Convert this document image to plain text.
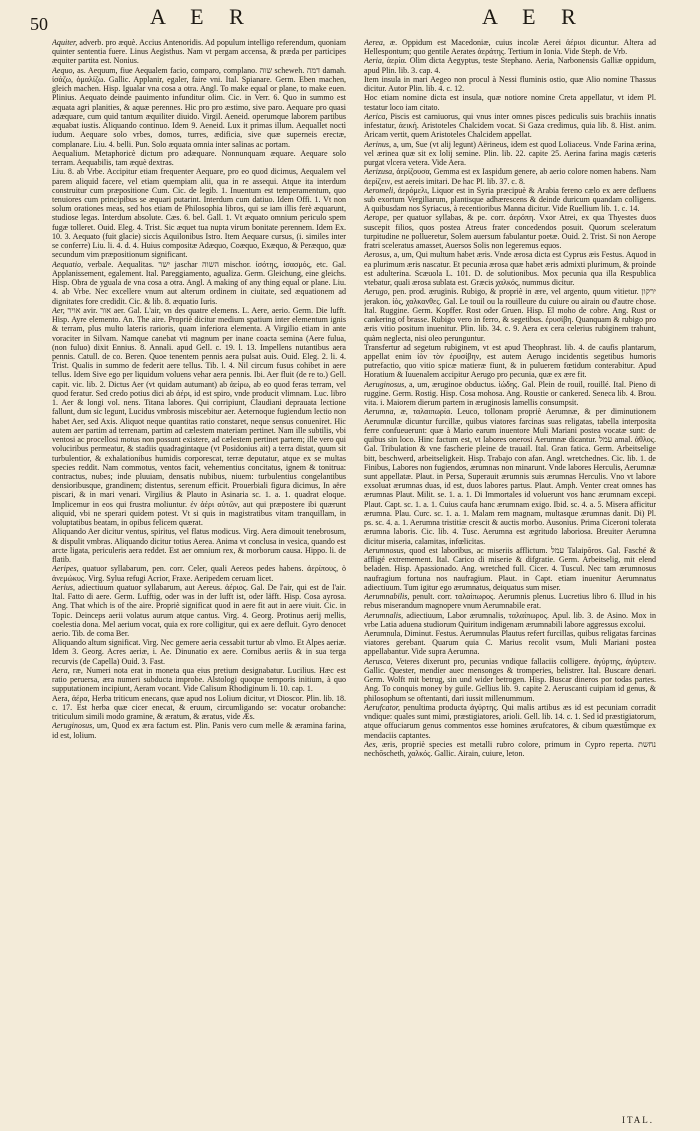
50	A E R	A E R

Aquiter, adverb. pro æquè. Accius Antenoridis. Ad populum intelligo referendum, quoniam quinter sententia fuere. Linus Aegisthus. Nam vt pergam accensa, & præda per participes æquiter partita est. Nonius.

Aequo, as. Aequum, fiue Aequalem facio, comparo, complano. שוה scheweh. דמה damah. ἰσάζω, ὁμαλίζω. Gallic. Applanir, egaler, faire vni. Ital. Spianare. Germ. Eben machen, gleich machen. Hisp. Igualar vna cosa a otra. Angl. To make equal or plane, to make euen. Plinius. Aequato deinde pauimento infunditur olim. Cic. in Verr. 6. Quo in summo est æquata agri planities, & aquæ perennes. Hic pro pro æstimo, sive paro. Aequare pro quasi adæquare, cum quid tantum æquiliter diuido. Virgil. Aeneid. operumque laborem partibus æquabat iustis. Aliquando continuo. Idem 9. Aeneid. Lux it primas illum. Aequallet noctì iudum. Aequare solo vrbes, domos, turres, ædificia, sive quæ superneis erectæ, complanare. Liu. 4. belli. Pun. Solo æquata omnia inter salinas ac portam.

Aequalium. Metaphoricè dictum pro adæquare. Nonnunquam æquare. Aequare solo terram. Aequabilis, tam æquè dextras.

Liu. 8. ab Vrbe. Accipitur etiam frequenter Aequare, pro eo quod dicimus, Aequalem vel parem aliquid facere, vel etiam quempiam alii, qua in re assequi. Atque ita interdum construitur cum præpositione Cum. Cic. de legib. 1. Inuentum est temperamentum, quo tenuiores cum principibus se æquari putarint. Interdum cum datiuo. Idem Offi. 1. Vt non solum orationes meas, sed hos etiam de Philosophia libros, qui se iam illis ferè æquarunt, studiose legas. Interdum absolute. Cæs. 6. bel. Gall. 1. Vt æquato omnium periculo spem fugæ tolleret. Ouid. Eleg. 4. Trist. Sic æquet tua nupta virum bonitate perennem. Idem Ex. 10. 3. Aequato (fuit glacie) siccis Aquilonibus Istro. Item Aequare cursus, (i. similes inter se conferre) Liu. li. 4. d. 4. Huius compositæ Adæquo, Coæquo, Exæquo, & Peræquo, quæ secundum vim præpositionum significant.

Aequatio, verbale. Aequalitas. ישר jaschar השוה mischor. ἰσότης, ἰσασμός, etc. Gal. Applanissement, egalement. Ital. Pareggiamento, agualiza. Germ. Gleichung, eine gleichs. Hisp. Obra de yguala de vna cosa a otra. Angl. A making of any thing equal or plane. Liu. 4. ab Vrbe. Nec excellere vnum aut alterum ordinem in ciuitate, sed æquationem ad dignitates fore credidit. Cic. & lib. 8. æquatio Iuris.

Aer, אויר avir. אור aer. Gal. L'air, vn des quatre elemens. L. Aere, aerio. Germ. Die lufft. Hisp. Ayre elemento. An. The aire. Propriè dicitur medium spatium inter elementum ignis & terram, plus multo lateris rarioris, quam inferiora elementa. A Virgilio etiam in ante voraciter in Silvam. Namque canebat vti magnum per inane coacta semina (Aere fulua, (non fuluo) dixit Ennius. 8. Annali. apud Gell. c. 19. l. 13. Impellens nutantibus aera pennis. Catull. de co. Beren. Quoe tenentem pennis aera pulsat auis. Ouid. Eleg. 2. li. 4. Trist. Qualis in summo de federit aere tellus. Tib. l. 4. Nil circum fusus cohibet in aere tellus. Idem Sive ego per liquidum voluens vehar aera pennis. Ibi. Aer fluit (de re to.) Gell. capit. vic. lib. 2. Dictus Aer (vt quidam autumant) ab ἀείρω, ab eo quod feras terram, vel quod feratur. Sed credo potius dici ab ἀέρι, id est spiro, vnde producit vlimnam. Luc. libro 1. Aer & longi vol. nens. Titana labores. Qui corripiunt, Claudiani deprauata lectione fallunt, dum sic legunt, Lucidus vmbrosis miscebitur aer. Aeternoque fugiendum lectio non habet Aer, sed Axis. Aliquot neque quantitas ratio constaret, neque sensus conueniret. Hic autem aer partim ad terrenam, partim ad cælestem materiam pertinet. Nam ille subtilis, vbi ventosi ac procellosi motus non possunt existere, ad cælestem pertinet partem; ille vero qui voluciribus permeatur, & stadiis quadragintaque (vt Posidonius ait) a terra distat, quum sit turbulentior, & exhalationibus humidis corporescat, terræ deputatur, atque ex se multas species reddit. Nam commotus, ventos facit, vehementius concitatus, ignem & tonitrua: contractus, nubes; inde pluuiam, densatis nubibus, niuem: turbulentius congelantibus densioribusque, grandinem; distentus, serenum efficit. Prouerbiali figura dicimus, In aëre piscari, & in mari venari. Virgilius & Plauto in Asinaria sc. 1. a. 1. quadrat eloque. Implicemur in eos qui frustra moliuntur. ἐν ἀέρι αὐτῶν, aut qui præpostere ibi quærunt aliquid, vbi ne sperari quidem potest. Vt si quis in magistratibus vitam tranquillam, in voluptatibus beatam, in opibus felicem quærat.

Aliquando Aer dicitur ventus, spiritus, vel flatus modicus. Virg. Aera dimouit tenebrosum, & dispulit vmbras. Aliquando dicitur totius Aerea. Anima vt conclusa in vesica, quando est arcte ligata, periculeris aera reddet. Est aer omnium rex, & morborum causa. Hippo. li. de flatib.

Aeripes, quatuor syllabarum, pen. corr. Celer, quali Aereos pedes habens. ἀερίπους, ὁ ἀνεμώκυς. Virg. Sylua refugi Acrior, Fraxe. Aeripedem ceruam licet.

Aerius, adiectiuum quatuor syllabarum, aut Aereus. ἀέριος. Gal. De l'air, qui est de l'air. Ital. Fatto di aere. Germ. Lufftig, oder was in der lufft ist, oder läfft. Hisp. Cosa ayrosa. Ang. That which is of the aire. Propriè significat quod in aere fit aut in aere viuit. Cic. in Topic. Deinceps aerii volatus aurum atque cantus. Virg. 4. Georg. Protinus aerij mellis, coelestia dona. Mel aerium vocat, quia ex rore colligitur, qui ex aere defluit. Gyro denocet aerio. Tib. de coma Ber.

Aliquando altum significat. Virg. Nec gemere aeria cessabit turtur ab vlmo. Et Alpes aeriæ. Idem 3. Georg. Acres aeriæ, i. Ae. Dinunatio ex aere. Cornibus aeriis & in sua terga recurvis (de Capella) Ouid. 3. Fast.

Aera, ræ, Numeri nota erat in moneta qua eius pretium designabatur. Lucilius. Hæc est ratio peruersa, æra numeri subducta improbe. Alstologi quoque temporis initium, à quo supputationem incipiunt, Aeram vocant. Vide Calisum Rhodiginum li. 10. cap. 1.

Aera, ἀέρα, Herba triticum enecans, quæ apud nos Lolium dicitur, vt Dioscor. Plin. lib. 18. c. 17. Est herba quæ cicer enecat, & eruum, circumligando se: vocatur orobanche: triticulum simili modo gramine, & æratum, & æratus, vide Æs.

Aeruginosus, um, Quod ex æra factum est. Plin. Panis vero cum melle & æramina farina, id est, lolium.

Aerea, æ. Oppidum est Macedoniæ, cuius incolæ Aerei ἀέριοι dicuntur. Altera ad Hellespontum; quo gentile Aerates ἀεράτης. Tertium in Ionia. Vide Steph. de Vrb.

Aeria, ἀερία. Olim dicta Aegyptus, teste Stephano. Aeria, Narbonensis Galliæ oppidum, apud Plin. lib. 3. cap. 4.

Item insula in mari Aegeo non procul à Nessi fluminis ostio, quæ Alio nomine Thassus dicitur. Autor Plin. lib. 4. c. 12.

Hoc etiam nomine dicta est insula, quæ notiore nomine Creta appellatur, vt idem Pl. testatur loco iam citato.

Aerica, Piscis est carniuorus, qui vnus inter omnes pisces pediculis suis brachiis innatis infestatur, ἀεική. Aristoteles Chalcidem vocat. Si Gaza credimus, quia lib. 8. Hist. anim. Aricam vertit, quem Aristoteles Chalcidem appellat.

Aerinus, a, um, Sue (vt alij legunt) Aërineus, idem est quod Loliaceus. Vnde Farina ærina, vel ærinea quæ sit ex lolij semine. Plin. lib. 22. capite 25. Aerina farina magis cæteris purgat vlcera vetera. Vide Aera.

Aerizusa, ἀερίζουσα, Gemma est ex Iaspidum genere, ab aerio colore nomen habens. Nam ἀερίζειν, est aereis imitari. De hac Pl. lib. 37. c. 8.

Aeromeli, ἀερόμελι, Liquor est in Syria præcipuè & Arabia fereno cælo ex aere defluens sub exortum Vergiliarum, plantisque adhærescens & deinde duricum quandam colligens. A quibusdam nos Syriacus, à recentioribus Manna dicitur. Vide Ruellium lib. 1. c. 14.

Aerope, per quatuor syllabas, & pe. corr. ἀερόπη. Vxor Atrei, ex qua Thyestes duos suscepit filios, quos postea Atreus frater concedendos posuit. Quorum sceleratum turpitudine ne pollueretur, Solem auersum fabulantur poetæ. Ouid. 2. Trist. Si non Aerope fratri sceleratus amasset, Auersos Solis non legeremus equos.

Aerosus, a, um, Qui multum habet æris. Vnde ærosa dicta est Cyprus æis Festus. Aquod in ea plurimum æris nascatur. Et pecunia ærosa quæ habet æris admixti plurimum, & proinde est adulterina. Scæuola L. 101. D. de solutionibus. Mox pecunia qua illa Respublica vtebatur, quali ærosa sublata est. Græcis χαλκός, nummus dicitur.

Aerugo, pen. prod. æruginis. Rubigo, & propriè in ære, vel argento, quum vitietur. ירקון jerakon. ἰὸς, χαλκανθες. Gal. Le touil ou la rouilleure du cuiure ou airain ou d'autre chose. Ital. Ruggine. Germ. Kopffer. Rost oder Gruen. Hisp. El moho de cobre. Ang. Rust or cankering of brasse. Rubigo vero in ferro, & segetibus. ἐρυσίβη. Quanquam & rubigo pro æris vitio positum inuenitur. Plin. lib. 34. c. 9. Aera ex cera celerius rubiginem trahunt, quàm neglecta, nisi oleo perunguntur.

Transfertur ad segetum rubiginem, vt est apud Theophrast. lib. 4. de caufis plantarum, appellat enim ἰὸν τὸν ἐρυσίβην, est autem Aerugo incidentis segetibus humoris putrefactio, quo vitio spicæ matieræ fiunt, & in puluerem fœtidum conterabitur. Apud Horatium & Iuuenalem accipitur Aerugo pro pecunia, quæ ex ære fit.

Aeruginosus, a, um, æruginoe obductus. ἰώδης. Gal. Plein de rouil, rouillé. Ital. Pieno di ruggine. Germ. Rostig. Hisp. Cosa mohosa. Ang. Roustie or cankered. Seneca lib. 4. Brou. vita. i. Maiorem dierum partem in æruginosis lamellis consumpsit.

Aerumna, æ, ταλαιπωρία. Leuco, tollonam propriè Aerumnæ, & per diminutionem Aerumnulæ dicuntur furcillæ, quibus viatores farcinas suas religatas, tabella interposita ferre confueuerunt: quæ à Mario earum inuentore Muli Mariani postea vocatæ sunt: de quibus sin loco. Hinc factum est, vt labores onerosi Aerumnæ dicantur. עמל amal. ἀθλος. Gal. Tribulation & vne fascherie pleine de trauail. Ital. Gran fatica. Germ. Arbeitselige bitt, beschwerd, arbeitseligkeit. Hisp. Trabajo con afan. Angl. wretchednes. Cic. lib. 1. de Finibus, Labores non fugiendos, ærumnas non minarunt. Vnde labores Herculis, Aerumnæ sunt appellatæ. Plaut. in Persa, Superauit ærumnis suis ærumnas Herculis. Vno vt labore exsoluat ærumnas duas, id est, duos labores partus. Plaut. Amph. Venter creat omnes has ærumnas Plaut. Milit. se. 1. a. 1. Di Immortales id voluerunt vos hanc ærumnam excepi. Plaut. Capt. sc. 1. a. 1. Cuius caufa hanc ærumnam exigo. Ibid. sc. 4. a. 5. Misera afficitur ærumna. Plau. Curc. sc. 1. a. 1. Malam rem magnam, multasque ærumnas danit. Di) Pl. ps. sc. 4. a. 1. Aerumna tristitiæ crescit & auctis morbo. Ausonius. Prima Ciceroni tolerata ærumna laboris. Cic. lib. 4. Tusc. Aerumna est ægritudo laboriosa. Breuiter Aerumna dicitur miseria, calamitas, infœlicitas.

Aerumnosus, quod est laboribus, ac miseriis afflictum. עמל Talaipōros. Gal. Fasché & affligé extremement. Ital. Carico di miserie & difgratie. Germ. Arbeitselig, mit elend beladen. Hisp. Apassionado. Ang. wretched full. Cicer. 4. Tuscul. Nec tam ærumnosus naufragium fortuna nos naufragium. Plaut. in Capt. etiam inuenitur Aerumnatus adiectiuum. Tum igitur ego ærumnatus, deiquatus sum miser.

Aerumnabilis, penult. corr. ταλαίπωρος. Aerumnis plenus. Lucretius libro 6. Illud in his rebus miserandum magnopere vnum Aerumnabile erat.

Aerumnalis, adiectiuum, Labor ærumnalis, ταλαίπωρος. Apul. lib. 3. de Asino. Mox in vrbe Latia aduena studiorum Quiritum indigenam ærumnabili labore aggressus excolui.

Aerumnula, Diminut. Festus. Aerumnulas Plautus refert furcillas, quibus religatas farcinas viatores gerebant. Quarum quia C. Marius recolit vsum, Muli Mariani postea appellabantur. Vide supra Aerumna.

Aerusca, Veteres dixerunt pro, pecunias vndique fallaciis colligere. ἀγύρτης, ἀγύρτειν. Gallic. Quester, mendier auec mensonges & tromperies, belistrer. Ital. Buscare denari. Germ. Wolft mit betrug, sin und wider betrogen. Hisp. Buscar dineros por todas partes. Ang. To conquis money by guile. Gellius lib. 9. capite 2. Aeruscanti cuipiam id genus, & philosophum se oftentanti, dari iussit millenummum.

Aerufcator, penultima producta ἀγύρτης. Qui malis artibus æs id est pecuniam corradit vndique: quales sunt mimi, præstigiatores, arioli. Gell. lib. 14. c. 1. Sed id præstigiatorum, atque offuciarum genus commentos esse homines ærufcatores, & cibum quæstûmque ex mendaciis captantes.

Aes, æris, propriè species est metalli rubro colore, primum in Cypro reperta. נחשת nechōscheth, χαλκός. Gallic. Airain, cuiure, leton.

ITAL.
